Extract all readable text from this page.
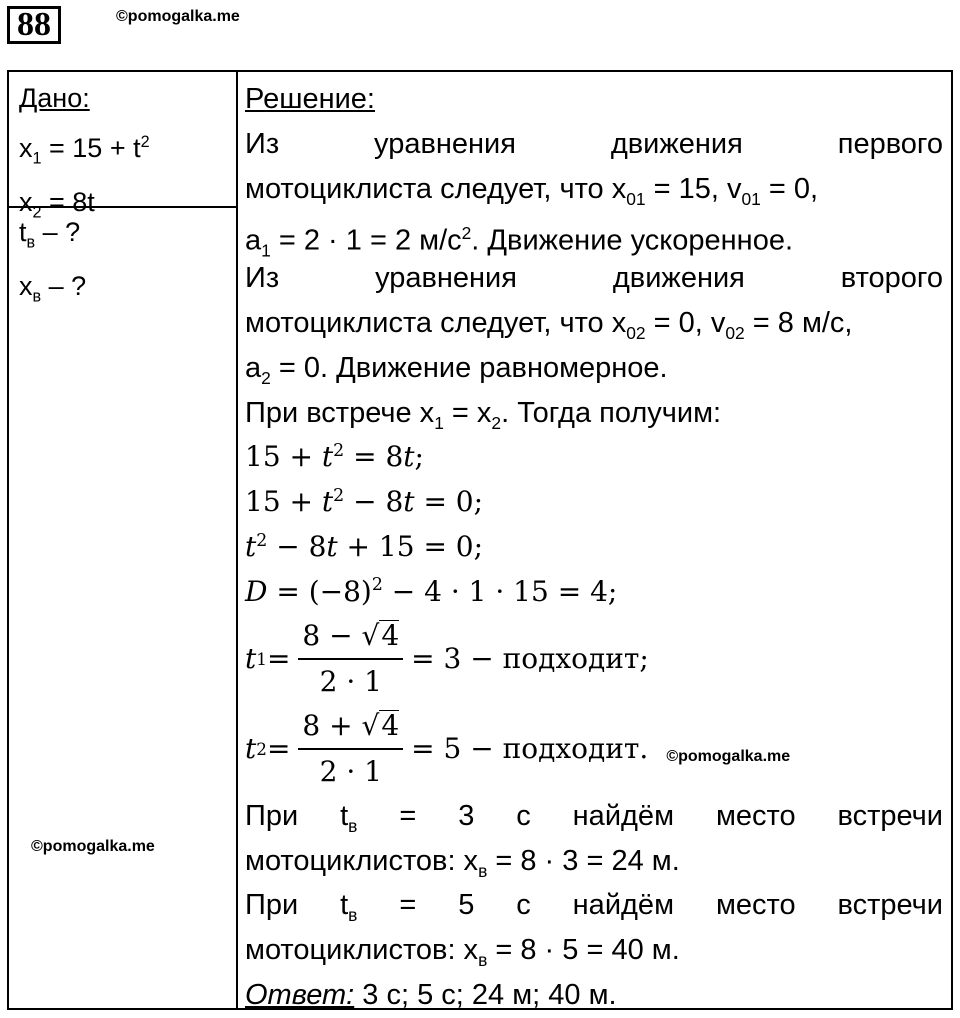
88	©pomogalka.me
Дано:
$x_1 = 15 + t^2$
$x_2 = 8t$
$t_в$ – ?
$x_в$ – ?
©pomogalka.me
Решение:
Из	уравнения	движения	первого
мотоциклиста следует, что $x_{01} = 15$, $v_{01} = 0$,
$a_1 = 2 \cdot 1 = 2$ $м/с^2$. Движение ускоренное.
Из	уравнения	движения	второго
мотоциклиста следует, что $x_{02} = 0$, $v_{02} = 8$ м/с,
$a_2 = 0$. Движение равномерное.
При встрече $x_1 = x_2$. Тогда получим:
$15 + t^2 = 8t$;
$15 + t^2 - 8t = 0$;
$t^2 - 8t + 15 = 0$;
$D = (-8)^2 - 4 \cdot 1 \cdot 15 = 4$;
t $1 = \frac{8 - √4}{2 \cdot 1} = 3$ − подходит;
t $2 = \frac{8 + √4}{2 \cdot 1} = 5$ − подходит. ©pomogalka.me
При $t_в = 3$ с найдём место встречи
мотоциклистов: $x_в = 8 \cdot 3 = 24$ м.
При $t_в = 5$ с найдём место встречи
мотоциклистов: $x_в = 8 \cdot 5 = 40$ м.
Ответ: 3 с; 5 с; 24 м; 40 м.
